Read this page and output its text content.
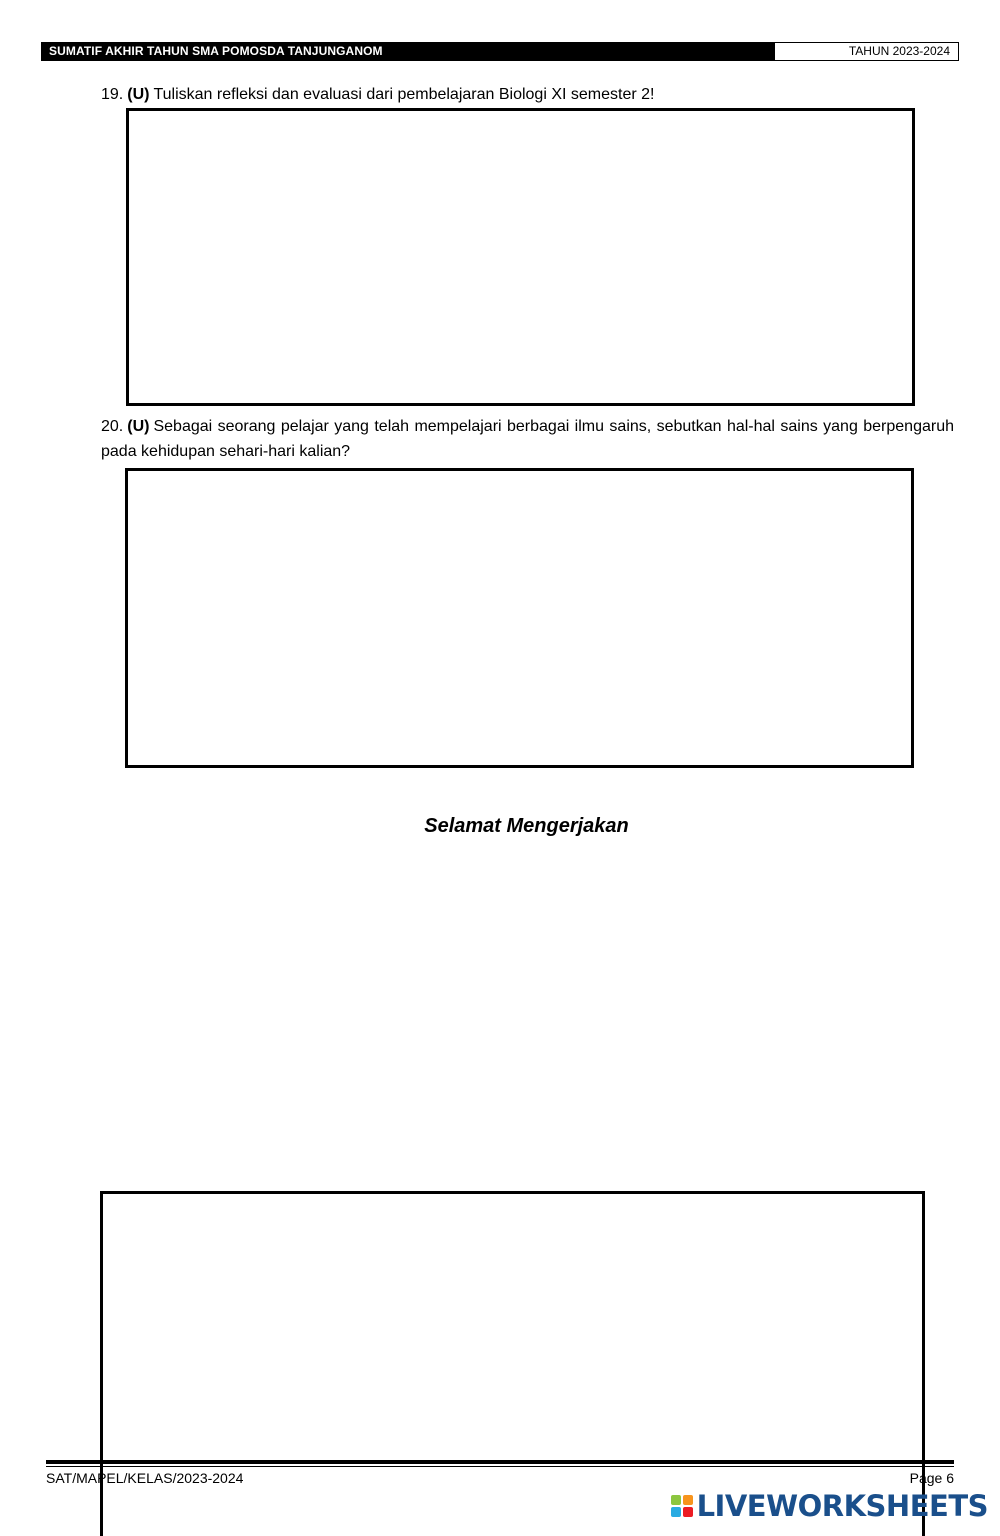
SUMATIF AKHIR TAHUN SMA POMOSDA TANJUNGANOM	TAHUN 2023-2024
19. (U) Tuliskan refleksi dan evaluasi dari pembelajaran Biologi XI semester 2!
20. (U) Sebagai seorang pelajar yang telah mempelajari berbagai ilmu sains, sebutkan hal-hal sains yang berpengaruh pada kehidupan sehari-hari kalian?
Selamat Mengerjakan
SAT/MAPEL/KELAS/2023-2024	Page 6
LIVEWORKSHEETS
